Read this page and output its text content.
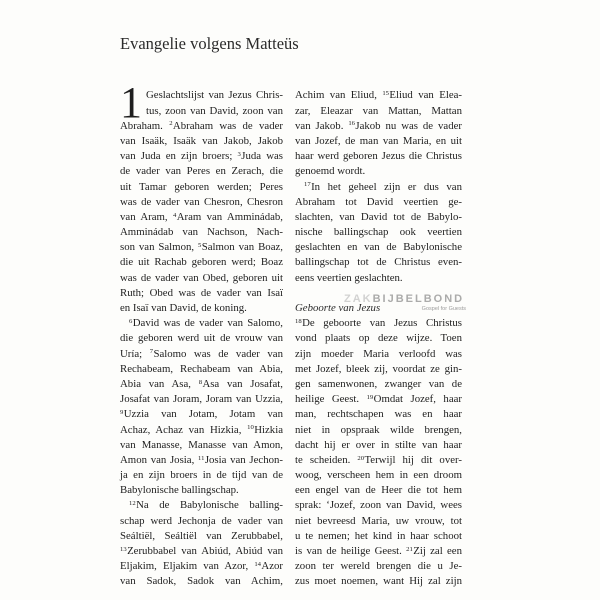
Evangelie volgens Matteüs
1 Geslachtslijst van Jezus Chris-
tus, zoon van David, zoon van
Abraham. $^2$Abraham was de vader
van Isaäk, Isaäk van Jakob, Jakob
van Juda en zijn broers; $^3$Juda was
de vader van Peres en Zerach, die
uit Tamar geboren werden; Peres
was de vader van Chesron, Chesron
van Aram, $^4$Aram van Amminádab,
Amminádab van Nachson, Nach-
son van Salmon, $^5$Salmon van Boaz,
die uit Rachab geboren werd; Boaz
was de vader van Obed, geboren uit
Ruth; Obed was de vader van Isaï
en Isaï van David, de koning.
$^6$David was de vader van Salomo,
die geboren werd uit de vrouw van
Uría; $^7$Salomo was de vader van
Rechabeam, Rechabeam van Abia,
Abia van Asa, $^8$Asa van Josafat,
Josafat van Joram, Joram van Uzzia,
$^9$Uzzia van Jotam, Jotam van
Achaz, Achaz van Hizkia, $^{10}$Hizkia
van Manasse, Manasse van Amon,
Amon van Josia, $^{11}$Josia van Jechon-
ja en zijn broers in de tijd van de
Babylonische ballingschap.
$^{12}$Na de Babylonische balling-
schap werd Jechonja de vader van
Seáltiël, Seáltiël van Zerubbabel,
$^{13}$Zerubbabel van Abiúd, Abiúd van
Eljakim, Eljakim van Azor, $^{14}$Azor
van Sadok, Sadok van Achim,
Achim van Eliud, $^{15}$Eliud van Elea-
zar, Eleazar van Mattan, Mattan
van Jakob. $^{16}$Jakob nu was de vader
van Jozef, de man van Maria, en uit
haar werd geboren Jezus die Christus
genoemd wordt.
$^{17}$In het geheel zijn er dus van
Abraham tot David veertien ge-
slachten, van David tot de Babylo-
nische ballingschap ook veertien
geslachten en van de Babylonische
ballingschap tot de Christus even-
eens veertien geslachten.
Geboorte van Jezus
$^{18}$De geboorte van Jezus Christus
vond plaats op deze wijze. Toen
zijn moeder Maria verloofd was
met Jozef, bleek zij, voordat ze gin-
gen samenwonen, zwanger van de
heilige Geest. $^{19}$Omdat Jozef, haar
man, rechtschapen was en haar
niet in opspraak wilde brengen,
dacht hij er over in stilte van haar
te scheiden. $^{20}$Terwijl hij dit over-
woog, verscheen hem in een droom
een engel van de Heer die tot hem
sprak: ‘Jozef, zoon van David, wees
niet bevreesd Maria, uw vrouw, tot
u te nemen; het kind in haar schoot
is van de heilige Geest. $^{21}$Zij zal een
zoon ter wereld brengen die u Je-
zus moet noemen, want Hij zal zijn
ZAKBIJBELBOND
Gospel for Guests
